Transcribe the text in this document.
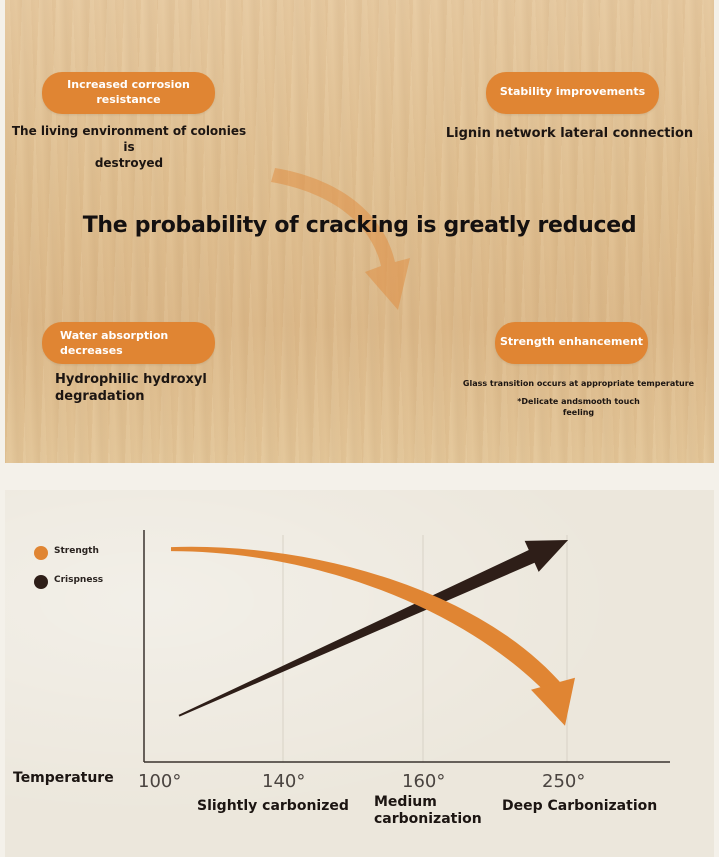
Increased corrosion
resistance
The living environment of colonies is
destroyed
Stability improvements
Lignin network lateral connection
The probability of cracking is greatly reduced
Water absorption
decreases
Hydrophilic hydroxyl
degradation
Strength enhancement
Glass transition occurs at appropriate temperature
*Delicate andsmooth touch
feeling
Strength
Crispness
Temperature 100°	140°	160°	250°
Slightly carbonized Medium
carbonization
Deep Carbonization
